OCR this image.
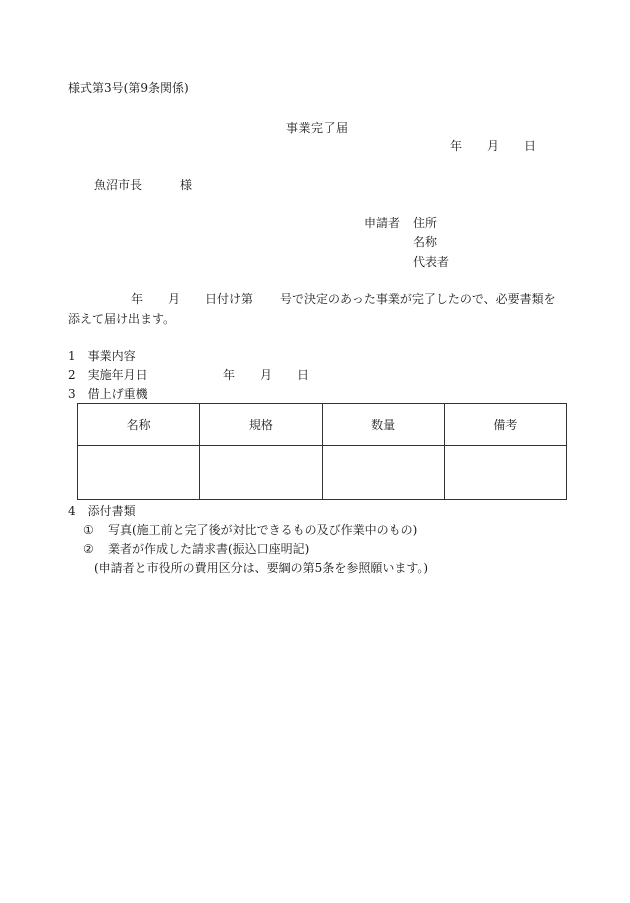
様式第3号(第9条関係)
事業完了届
年 月 日
魚沼市長	様
申請者 住所
名称
代表者
年 月 日付け第 号で決定のあった事業が完了したので、必要書類を
添えて届け出ます。
1　事業内容
2　実施年月日	年 月 日
3　借上げ重機
名称	規格	数量	備考

4　添付書類
① 写真(施工前と完了後が対比できるもの及び作業中のもの)
② 業者が作成した請求書(振込口座明記)
(申請者と市役所の費用区分は、要綱の第5条を参照願います。)
